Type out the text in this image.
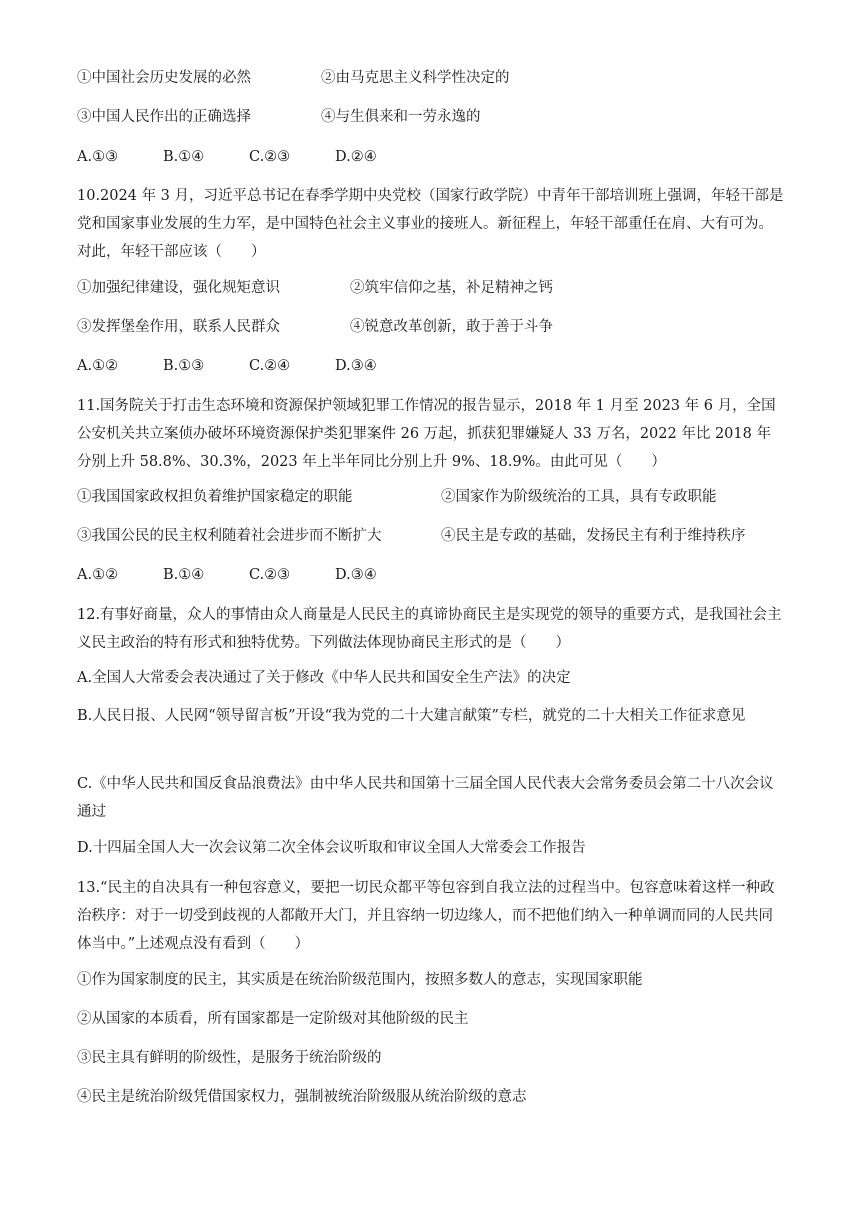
①中国社会历史发展的必然	②由马克思主义科学性决定的
③中国人民作出的正确选择	④与生俱来和一劳永逸的
A.①③	B.①④	C.②③	D.②④
10.2024 年 3 月，习近平总书记在春季学期中央党校（国家行政学院）中青年干部培训班上强调，年轻干部是党和国家事业发展的生力军，是中国特色社会主义事业的接班人。新征程上，年轻干部重任在肩、大有可为。对此，年轻干部应该（　　）
①加强纪律建设，强化规矩意识	②筑牢信仰之基，补足精神之钙
③发挥堡垒作用，联系人民群众	④锐意改革创新，敢于善于斗争
A.①②	B.①③	C.②④	D.③④
11.国务院关于打击生态环境和资源保护领域犯罪工作情况的报告显示，2018 年 1 月至 2023 年 6 月，全国公安机关共立案侦办破坏环境资源保护类犯罪案件 26 万起，抓获犯罪嫌疑人 33 万名，2022 年比 2018 年分别上升 58.8%、30.3%，2023 年上半年同比分别上升 9%、18.9%。由此可见（　　）
①我国国家政权担负着维护国家稳定的职能	②国家作为阶级统治的工具，具有专政职能
③我国公民的民主权利随着社会进步而不断扩大	④民主是专政的基础，发扬民主有利于维持秩序
A.①②	B.①④	C.②③	D.③④
12.有事好商量，众人的事情由众人商量是人民民主的真谛协商民主是实现党的领导的重要方式，是我国社会主义民主政治的特有形式和独特优势。下列做法体现协商民主形式的是（　　）
A.全国人大常委会表决通过了关于修改《中华人民共和国安全生产法》的决定
B.人民日报、人民网“领导留言板”开设“我为党的二十大建言献策”专栏，就党的二十大相关工作征求意见
C.《中华人民共和国反食品浪费法》由中华人民共和国第十三届全国人民代表大会常务委员会第二十八次会议通过
D.十四届全国人大一次会议第二次全体会议听取和审议全国人大常委会工作报告
13.“民主的自决具有一种包容意义，要把一切民众都平等包容到自我立法的过程当中。包容意味着这样一种政治秩序：对于一切受到歧视的人都敞开大门，并且容纳一切边缘人，而不把他们纳入一种单调而同的人民共同体当中。”上述观点没有看到（　　）
①作为国家制度的民主，其实质是在统治阶级范围内，按照多数人的意志，实现国家职能
②从国家的本质看，所有国家都是一定阶级对其他阶级的民主
③民主具有鲜明的阶级性，是服务于统治阶级的
④民主是统治阶级凭借国家权力，强制被统治阶级服从统治阶级的意志
